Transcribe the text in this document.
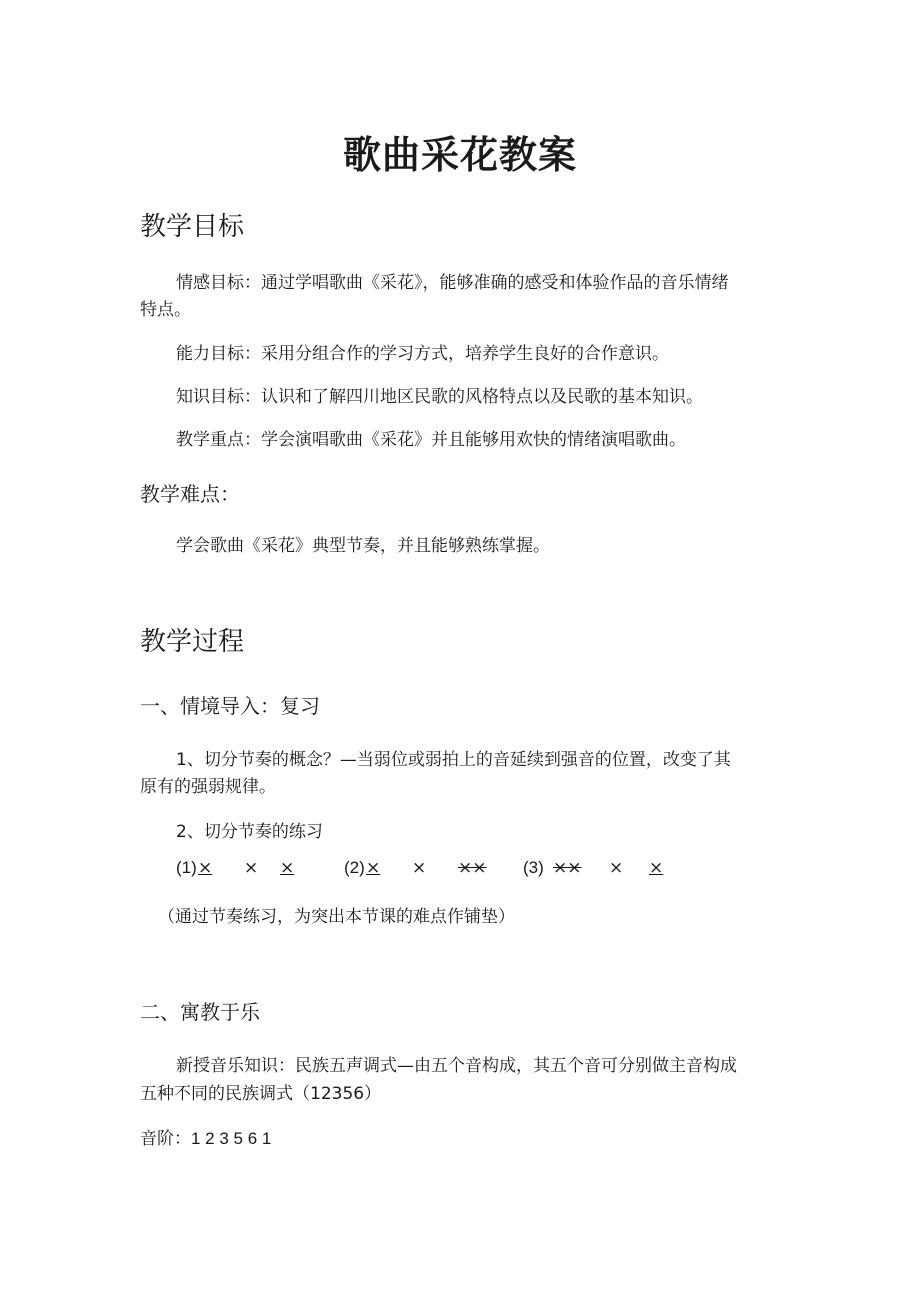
歌曲采花教案
教学目标
情感目标：通过学唱歌曲《采花》，能够准确的感受和体验作品的音乐情绪
特点。
能力目标：采用分组合作的学习方式，培养学生良好的合作意识。
知识目标：认识和了解四川地区民歌的风格特点以及民歌的基本知识。
教学重点：学会演唱歌曲《采花》并且能够用欢快的情绪演唱歌曲。
教学难点：
学会歌曲《采花》典型节奏，并且能够熟练掌握。
教学过程
一、情境导入：复习
1、切分节奏的概念？—当弱位或弱拍上的音延续到强音的位置，改变了其
原有的强弱规律。
2、切分节奏的练习
(1) × × ×	(2) × × ×× (3) ×× × ×
（通过节奏练习，为突出本节课的难点作铺垫）
二、寓教于乐
新授音乐知识：民族五声调式—由五个音构成，其五个音可分别做主音构成
五种不同的民族调式（12356）
音阶：1 2 3 5 6 1
